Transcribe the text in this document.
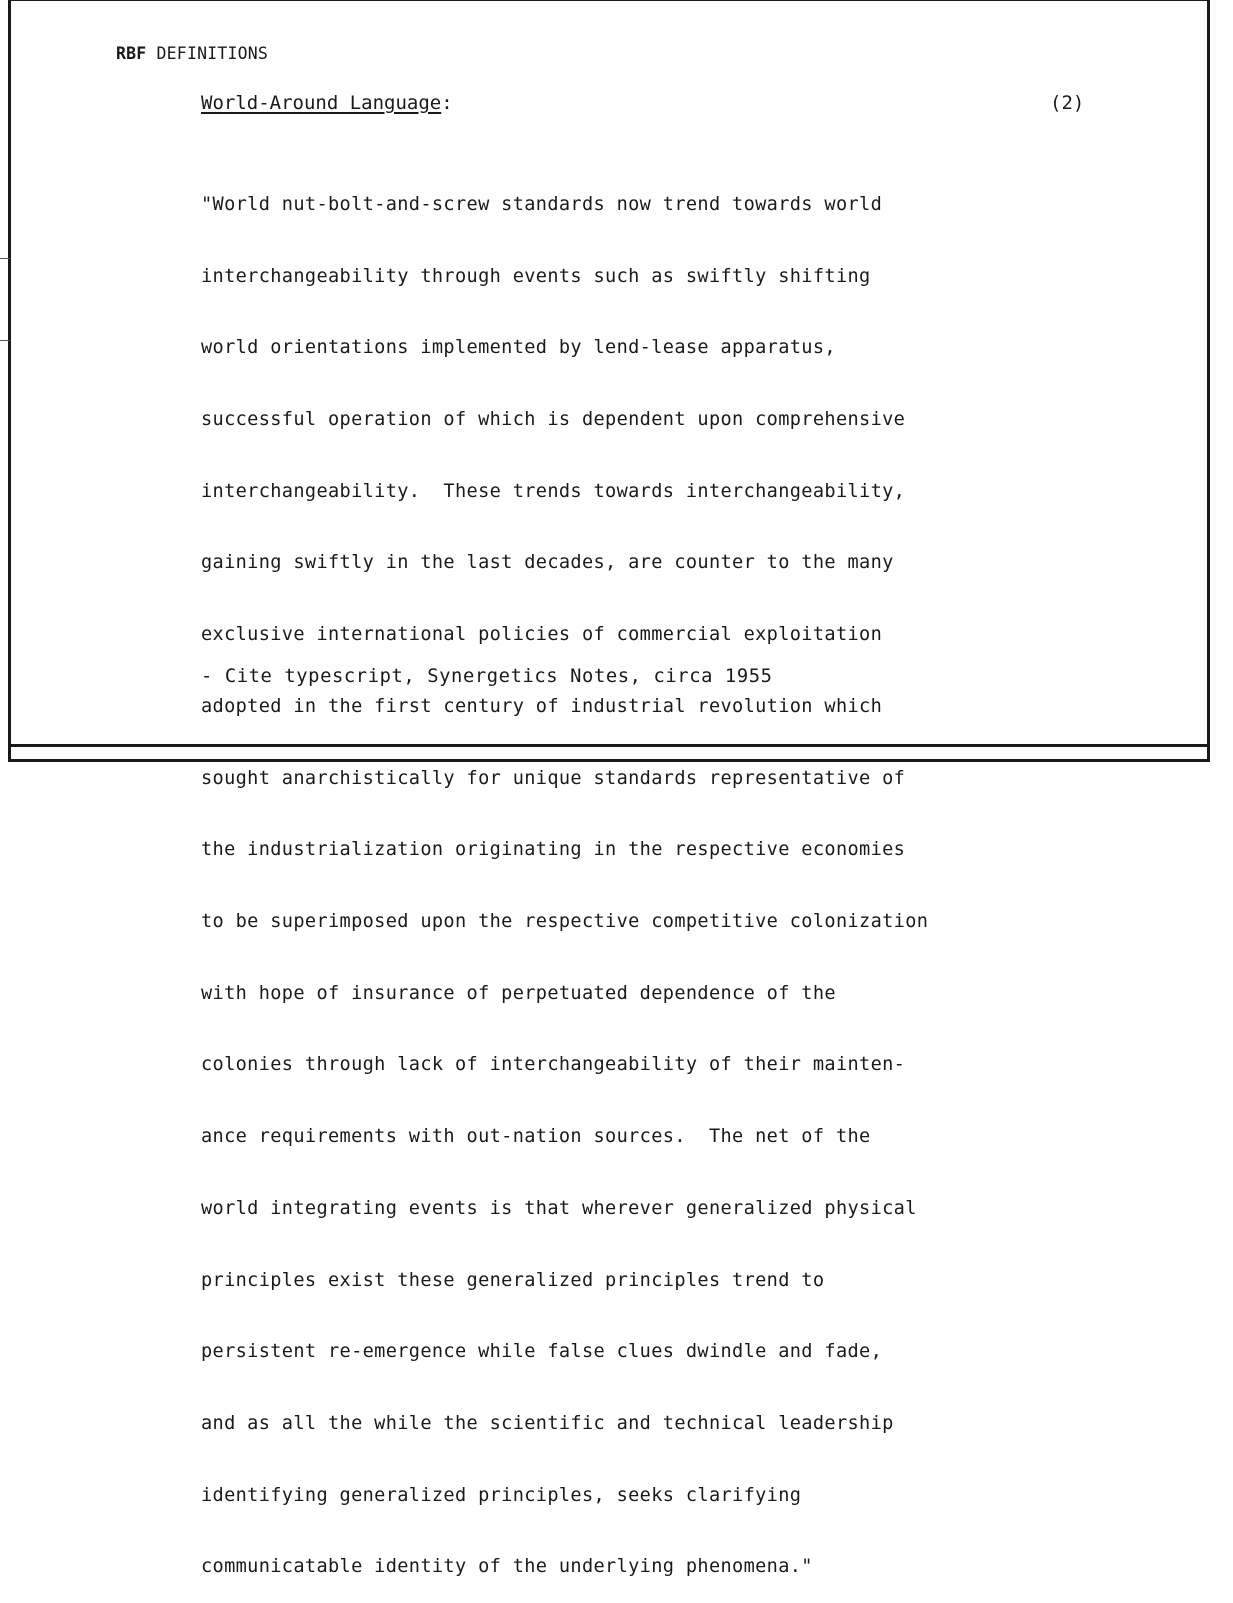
RBF DEFINITIONS
World-Around Language:	(2)

"World nut-bolt-and-screw standards now trend towards world

interchangeability through events such as swiftly shifting

world orientations implemented by lend-lease apparatus,

successful operation of which is dependent upon comprehensive

interchangeability.  These trends towards interchangeability,

gaining swiftly in the last decades, are counter to the many

exclusive international policies of commercial exploitation

adopted in the first century of industrial revolution which

sought anarchistically for unique standards representative of

the industrialization originating in the respective economies

to be superimposed upon the respective competitive colonization

with hope of insurance of perpetuated dependence of the

colonies through lack of interchangeability of their mainten-

ance requirements with out-nation sources.  The net of the

world integrating events is that wherever generalized physical

principles exist these generalized principles trend to

persistent re-emergence while false clues dwindle and fade,

and as all the while the scientific and technical leadership

identifying generalized principles, seeks clarifying

communicatable identity of the underlying phenomena."

- Cite typescript, Synergetics Notes, circa 1955
